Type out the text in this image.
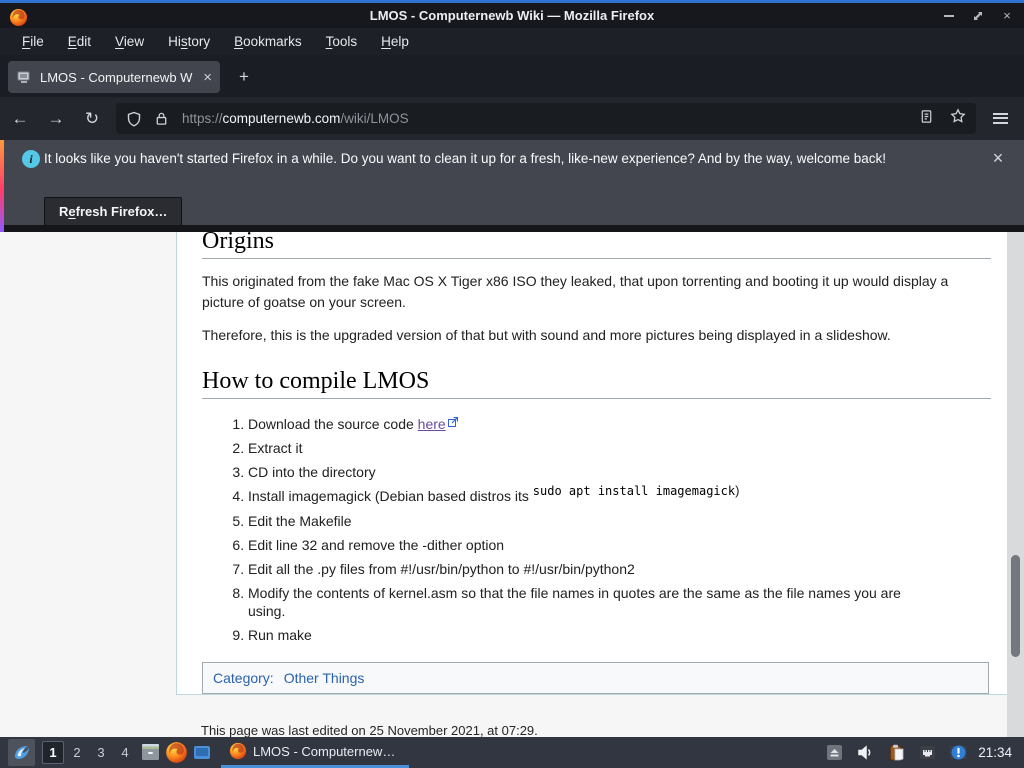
LMOS - Computernewb Wiki — Mozilla Firefox	×
File	Edit	View	History	Bookmarks	Tools	Help
LMOS - Computernewb W ×	+
←	→	↻	https://computernewb.com/wiki/LMOS
i It looks like you haven't started Firefox in a while. Do you want to clean it up for a fresh, like-new experience? And by the way, welcome back!	×
Refresh Firefox…
Origins

This originated from the fake Mac OS X Tiger x86 ISO they leaked, that upon torrenting and booting it up would display a picture of goatse on your screen.

Therefore, this is the upgraded version of that but with sound and more pictures being displayed in a slideshow.

How to compile LMOS
1. Download the source code here
2. Extract it
3. CD into the directory
4. Install imagemagick (Debian based distros its sudo apt install imagemagick)
5. Edit the Makefile
6. Edit line 32 and remove the -dither option
7. Edit all the .py files from #!/usr/bin/python to #!/usr/bin/python2
8. Modify the contents of kernel.asm so that the file names in quotes are the same as the file names you are using.
9. Run make
Category: Other Things
This page was last edited on 25 November 2021, at 07:29.
1	2	3	4	LMOS - Computernew…	21:34
